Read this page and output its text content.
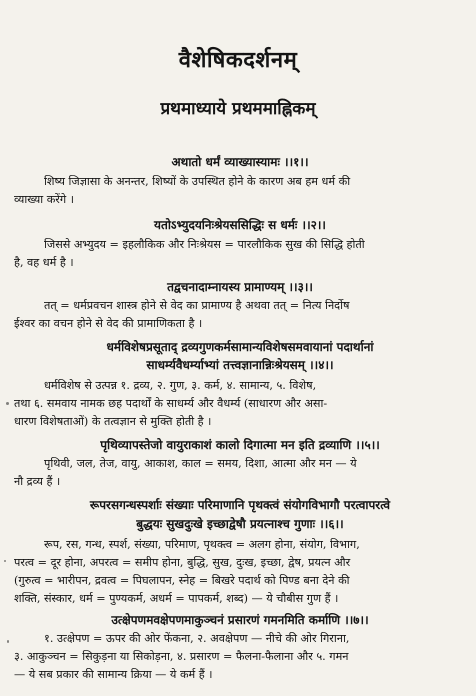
वैशेषिकदर्शनम्
प्रथमाध्याये प्रथममाह्निकम्
अथातो धर्मं व्याख्यास्यामः ।।१।।
शिष्य जिज्ञासा के अनन्तर, शिष्यों के उपस्थित होने के कारण अब हम धर्म की
व्याख्या करेंगे ।
यतोऽभ्युदयनिःश्रेयससिद्धिः स धर्मः ।।२।।
जिससे अभ्युदय = इहलौकिक और निःश्रेयस = पारलौकिक सुख की सिद्धि होती
है, वह धर्म है ।
तद्वचनादाम्नायस्य प्रामाण्यम् ।।३।।
तत् = धर्मप्रवचन शास्त्र होने से वेद का प्रामाण्य है अथवा तत् = नित्य निर्दोष
ईश्वर का वचन होने से वेद की प्रामाणिकता है ।
धर्मविशेषप्रसूताद् द्रव्यगुणकर्मसामान्यविशेषसमवायानां पदार्थानां
साधर्म्यवैधर्म्याभ्यां तत्त्वज्ञानान्निःश्रेयसम् ।।४।।
धर्मविशेष से उत्पन्न १. द्रव्य, २. गुण, ३. कर्म, ४. सामान्य, ५. विशेष,
तथा ६. समवाय नामक छह पदार्थों के साधर्म्य और वैधर्म्य (साधारण और असा-
धारण विशेषताओं) के तत्वज्ञान से मुक्ति होती है ।
पृथिव्यापस्तेजो वायुराकाशं कालो दिगात्मा मन इति द्रव्याणि ।।५।।
पृथिवी, जल, तेज, वायु, आकाश, काल = समय, दिशा, आत्मा और मन — ये
नौ द्रव्य हैं ।
रूपरसगन्धस्पर्शाः संख्याः परिमाणानि पृथक्त्वं संयोगविभागौ परत्वापरत्वे
बुद्धयः सुखदुःखे इच्छाद्वेषौ प्रयत्नाश्च गुणाः ।।६।।
रूप, रस, गन्ध, स्पर्श, संख्या, परिमाण, पृथक्त्व = अलग होना, संयोग, विभाग,
परत्व = दूर होना, अपरत्व = समीप होना, बुद्धि, सुख, दुःख, इच्छा, द्वेष, प्रयत्न और
(गुरुत्व = भारीपन, द्रवत्व = पिघलापन, स्नेह = बिखरे पदार्थ को पिण्ड बना देने की
शक्ति, संस्कार, धर्म = पुण्यकर्म, अधर्म = पापकर्म, शब्द) — ये चौबीस गुण हैं ।
उत्क्षेपणमवक्षेपणमाकुञ्चनं प्रसारणं गमनमिति कर्माणि ।।७।।
१. उत्क्षेपण = ऊपर की ओर फेंकना, २. अवक्षेपण — नीचे की ओर गिराना,
३. आकुञ्चन = सिकुड़ना या सिकोड़ना, ४. प्रसारण = फैलना-फैलाना और ५. गमन
— ये सब प्रकार की सामान्य क्रिया — ये कर्म हैं ।
